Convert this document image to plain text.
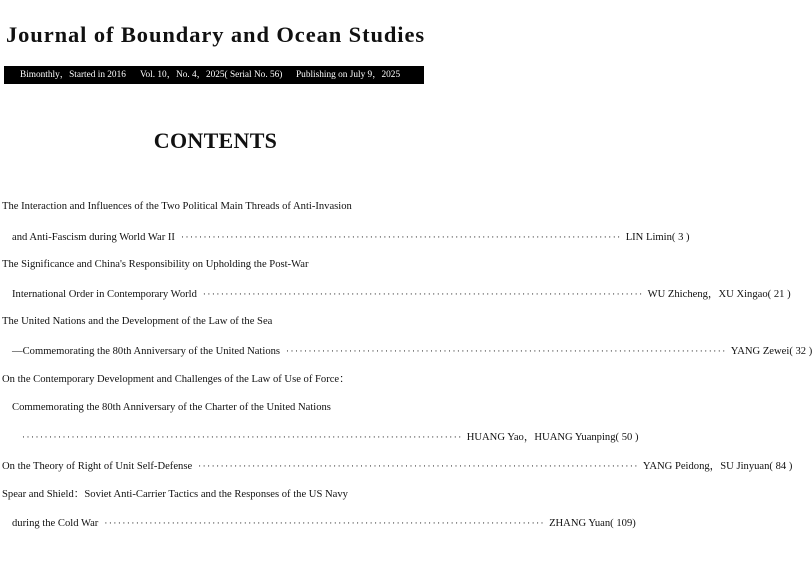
Journal of Boundary and Ocean Studies
Bimonthly，Started in 2016 Vol. 10，No. 4，2025( Serial No. 56) Publishing on July 9，2025
CONTENTS
The Interaction and Influences of the Two Political Main Threads of Anti-Invasion
and Anti-Fascism during World War II ·································································································· LIN Limin ( 3 )
The Significance and China's Responsibility on Upholding the Post-War
International Order in Contemporary World ·································································································· WU Zhicheng，XU Xingao ( 21 )
The United Nations and the Development of the Law of the Sea
—Commemorating the 80th Anniversary of the United Nations ·································································································· YANG Zewei ( 32 )
On the Contemporary Development and Challenges of the Law of Use of Force：
Commemorating the 80th Anniversary of the Charter of the United Nations
·································································································· HUANG Yao，HUANG Yuanping ( 50 )
On the Theory of Right of Unit Self-Defense ·································································································· YANG Peidong，SU Jinyuan ( 84 )
Spear and Shield：Soviet Anti-Carrier Tactics and the Responses of the US Navy
during the Cold War ·································································································· ZHANG Yuan ( 109)
